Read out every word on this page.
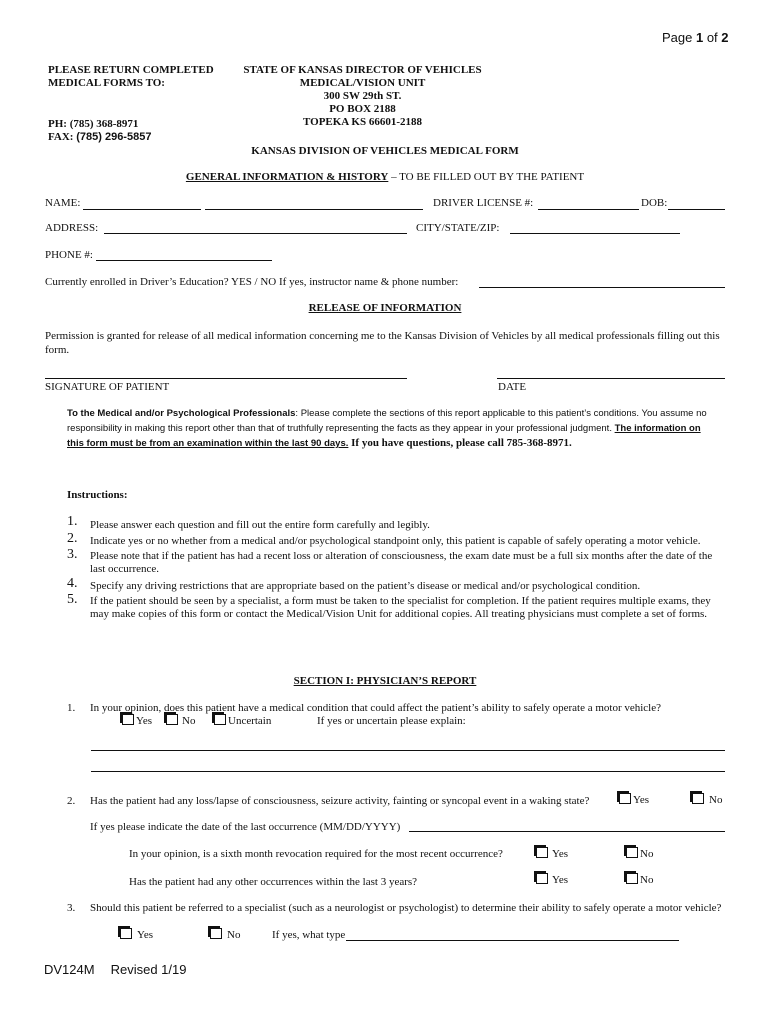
Page 1 of 2
PLEASE RETURN COMPLETED
MEDICAL FORMS TO:
PH: (785) 368-8971
FAX: (785) 296-5857
STATE OF KANSAS DIRECTOR OF VEHICLES
MEDICAL/VISION UNIT
300 SW 29th ST.
PO BOX 2188
TOPEKA KS 66601-2188
KANSAS DIVISION OF VEHICLES MEDICAL FORM
GENERAL INFORMATION & HISTORY – TO BE FILLED OUT BY THE PATIENT
NAME:	DRIVER LICENSE #:	DOB:
ADDRESS:	CITY/STATE/ZIP:
PHONE #:
Currently enrolled in Driver’s Education? YES / NO If yes, instructor name & phone number:
RELEASE OF INFORMATION
Permission is granted for release of all medical information concerning me to the Kansas Division of Vehicles by all medical professionals filling out this form.
SIGNATURE OF PATIENT	DATE
To the Medical and/or Psychological Professionals: Please complete the sections of this report applicable to this patient’s conditions. You assume no responsibility in making this report other than that of truthfully representing the facts as they appear in your professional judgment. The information on this form must be from an examination within the last 90 days. If you have questions, please call 785-368-8971.
Instructions:
1. Please answer each question and fill out the entire form carefully and legibly.
2. Indicate yes or no whether from a medical and/or psychological standpoint only, this patient is capable of safely operating a motor vehicle.
3. Please note that if the patient has had a recent loss or alteration of consciousness, the exam date must be a full six months after the date of the last occurrence.
4. Specify any driving restrictions that are appropriate based on the patient’s disease or medical and/or psychological condition.
5. If the patient should be seen by a specialist, a form must be taken to the specialist for completion. If the patient requires multiple exams, they may make copies of this form or contact the Medical/Vision Unit for additional copies. All treating physicians must complete a set of forms.
SECTION I: PHYSICIAN’S REPORT
1. In your opinion, does this patient have a medical condition that could affect the patient’s ability to safely operate a motor vehicle?
Yes	No	Uncertain	If yes or uncertain please explain:
2. Has the patient had any loss/lapse of consciousness, seizure activity, fainting or syncopal event in a waking state?	Yes	No
If yes please indicate the date of the last occurrence (MM/DD/YYYY)
In your opinion, is a sixth month revocation required for the most recent occurrence?	Yes	No
Has the patient had any other occurrences within the last 3 years?	Yes	No
3. Should this patient be referred to a specialist (such as a neurologist or psychologist) to determine their ability to safely operate a motor vehicle?
Yes	No	If yes, what type
DV124M Revised 1/19
